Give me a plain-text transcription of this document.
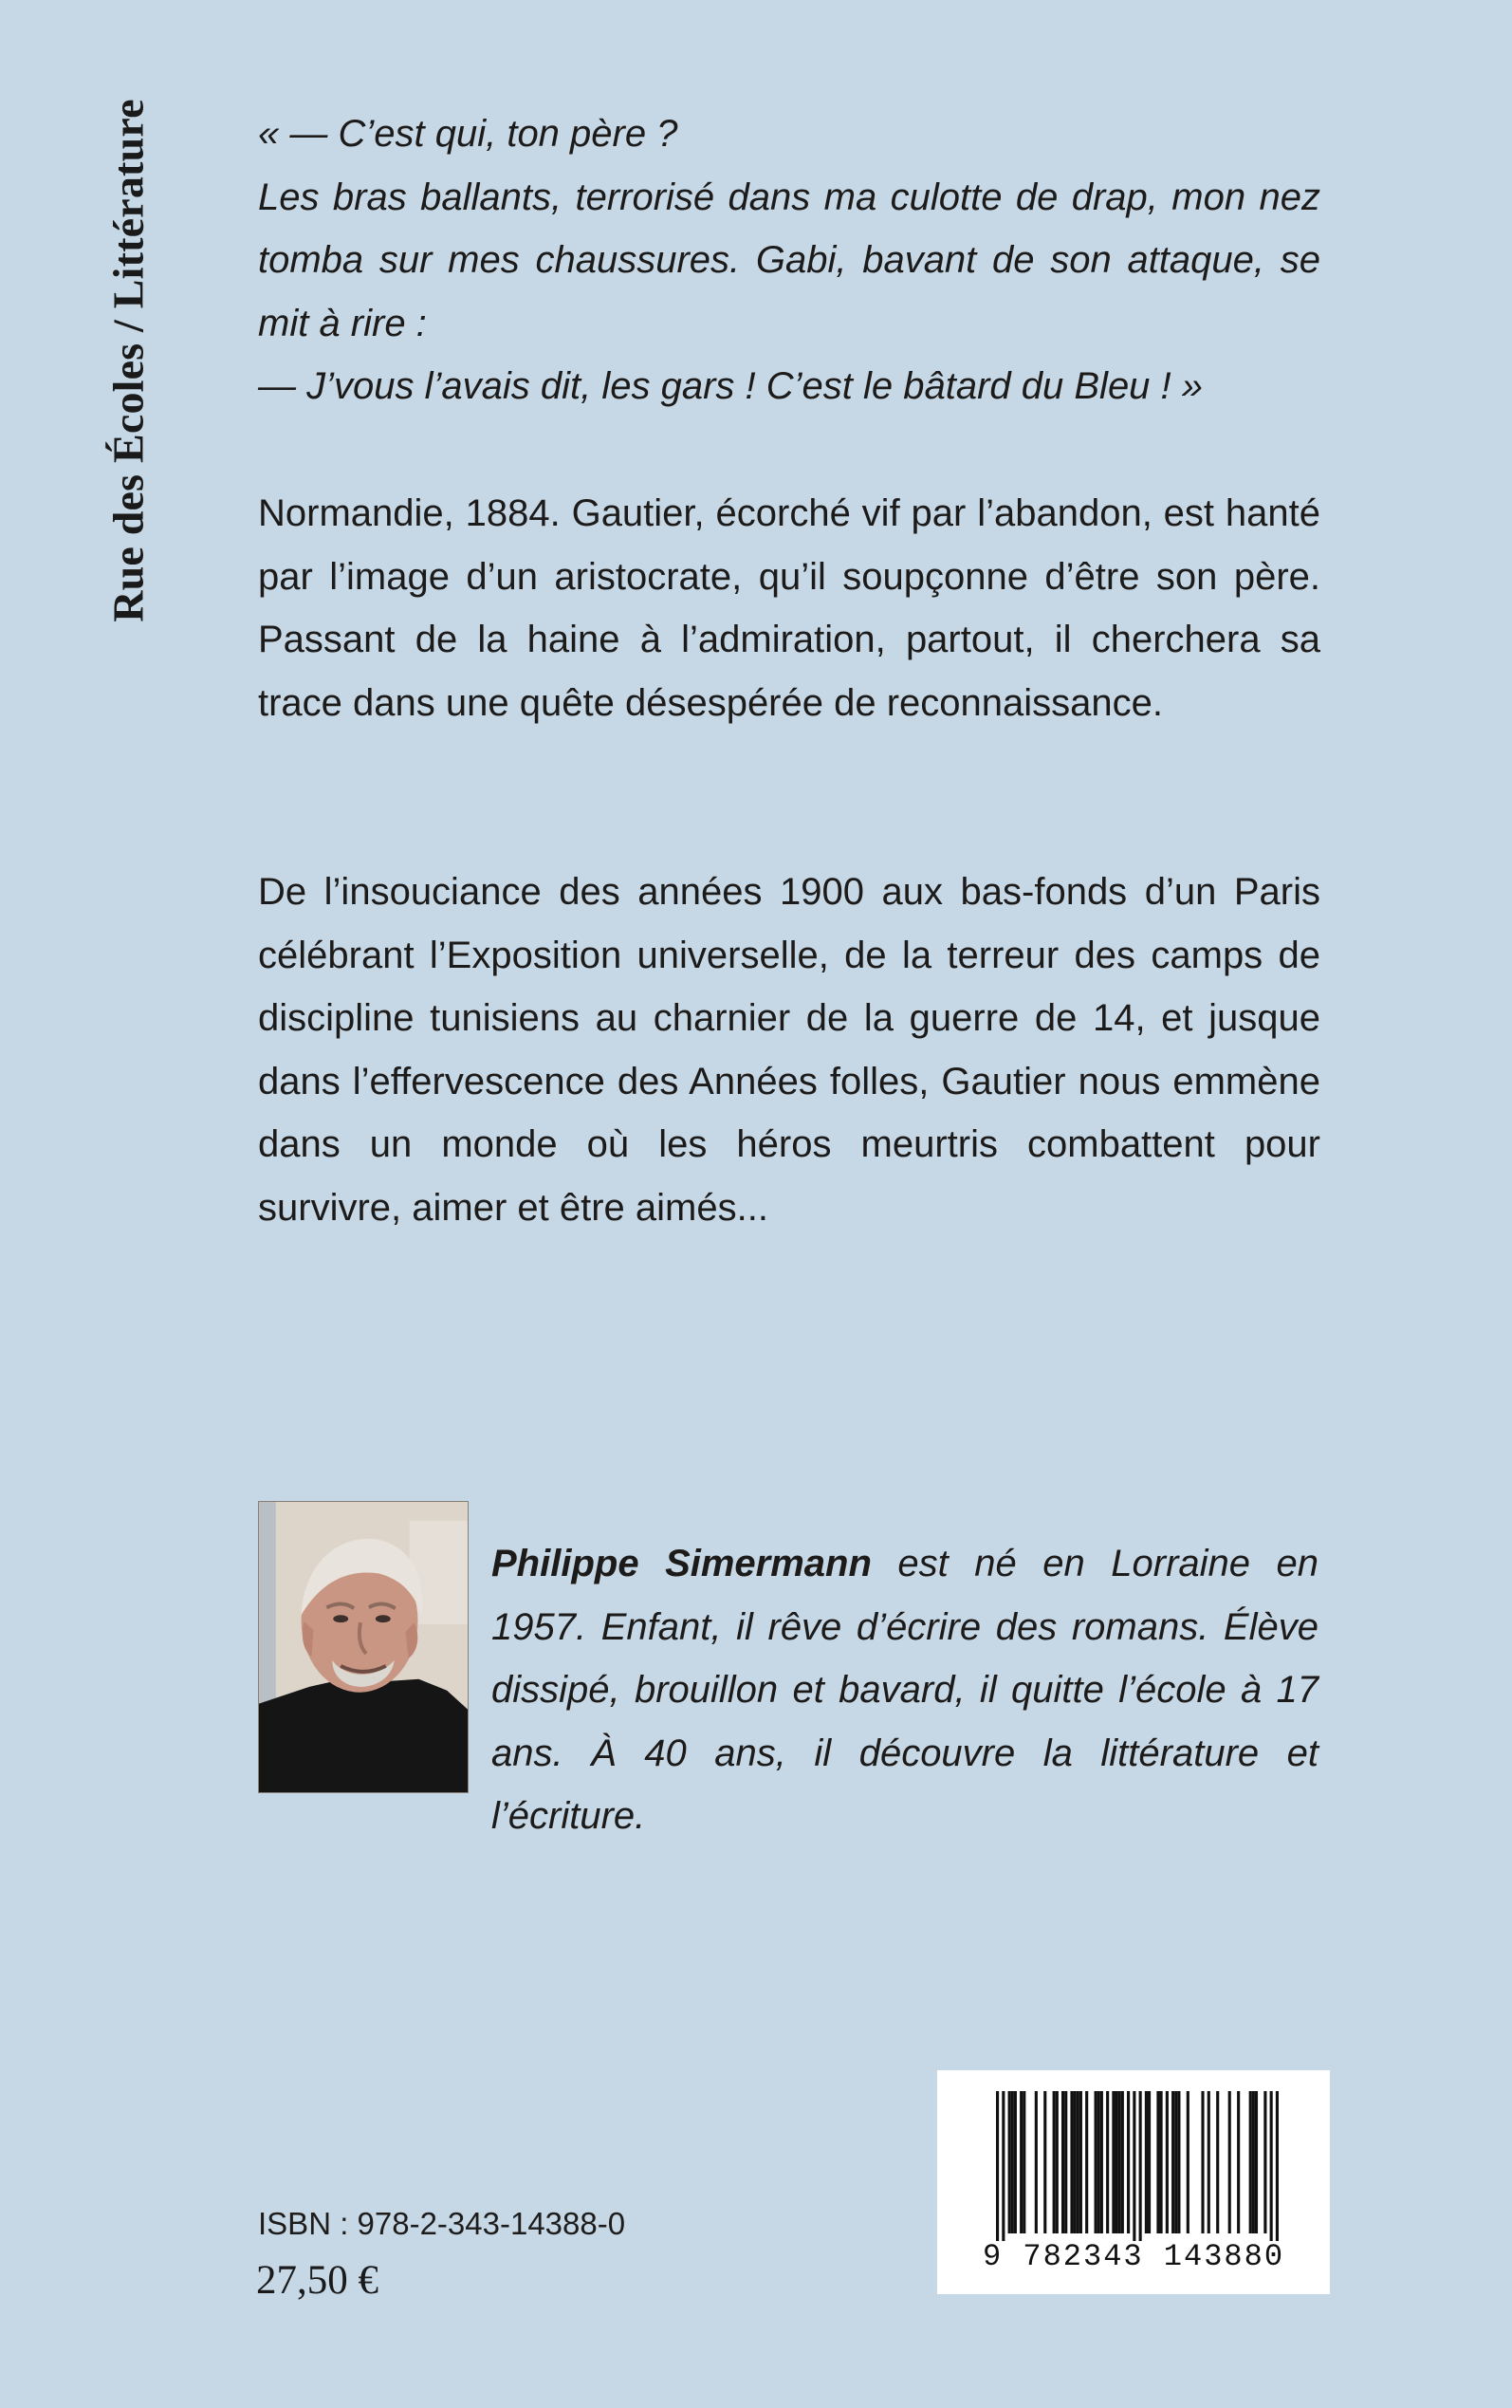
Rue des Écoles / Littérature	« — C’est qui, ton père ?

Les bras ballants, terrorisé dans ma culotte de drap, mon nez tomba sur mes chaussures. Gabi, bavant de son attaque, se mit à rire :

— J’vous l’avais dit, les gars ! C’est le bâtard du Bleu ! »

Normandie, 1884. Gautier, écorché vif par l’abandon, est hanté par l’image d’un aristocrate, qu’il soupçonne d’être son père. Passant de la haine à l’admiration, partout, il cherchera sa trace dans une quête désespérée de reconnaissance.

De l’insouciance des années 1900 aux bas-fonds d’un Paris célébrant l’Exposition universelle, de la terreur des camps de discipline tunisiens au charnier de la guerre de 14, et jusque dans l’effervescence des Années folles, Gautier nous emmène dans un monde où les héros meurtris combattent pour survivre, aimer et être aimés...

Philippe Simermann est né en Lorraine en 1957. Enfant, il rêve d’écrire des romans. Élève dissipé, brouillon et bavard, il quitte l’école à 17 ans. À 40 ans, il découvre la littérature et l’écriture.

ISBN : 978-2-343-14388-0
27,50 €
9 782343 143880
